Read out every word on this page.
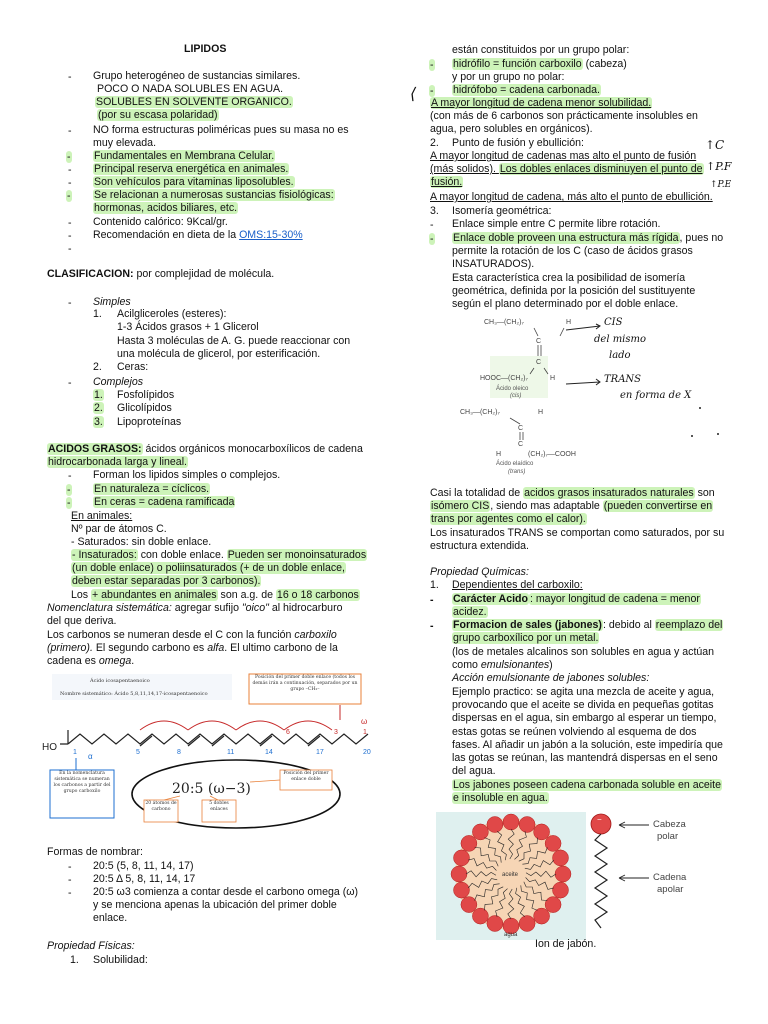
LIPIDOS
- Grupo heterogéneo de sustancias similares.
POCO O NADA SOLUBLES EN AGUA.
SOLUBLES EN SOLVENTE ORGANICO.
(por su escasa polaridad)
- NO forma estructuras poliméricas pues su masa no es
muy elevada.
- Fundamentales en Membrana Celular.
- Principal reserva energética en animales.
- Son vehículos para vitaminas liposolubles.
- Se relacionan a numerosas sustancias fisiológicas:
hormonas, acidos biliares, etc.
- Contenido calórico: 9Kcal/gr.
- Recomendación en dieta de la OMS:15-30%
-
CLASIFICACION: por complejidad de molécula.
- Simples
1. Acilgliceroles (esteres):
1-3 Ácidos grasos + 1 Glicerol
Hasta 3 moléculas de A. G. puede reaccionar con
una molécula de glicerol, por esterificación.
2. Ceras:
- Complejos
1. Fosfolípidos
2. Glicolípidos
3. Lipoproteínas
ACIDOS GRASOS: ácidos orgánicos monocarboxílicos de cadena
hidrocarbonada larga y lineal.
- Forman los lipidos simples o complejos.
- En naturaleza = cíclicos.
- En ceras = cadena ramificada
En animales:
Nº par de átomos C.
- Saturados: sin doble enlace.
- Insaturados: con doble enlace. Pueden ser monoinsaturados
(un doble enlace) o poliinsaturados (+ de un doble enlace,
deben estar separadas por 3 carbonos).
Los + abundantes en animales son a.g. de 16 o 18 carbonos
Nomenclatura sistemática: agregar sufijo "oico" al hidrocarburo
del que deriva.
Los carbonos se numeran desde el C con la función carboxilo
(primero). El segundo carbono es alfa. El ultimo carbono de la
cadena es omega.
Ácido icosapentaenoico
Nombre sistemático: Ácido 5,8,11,14,17-icosapentaenoico
Posición del primer doble enlace (todos los demás irán a continuación, separados por un grupo –CH₂–
HO 1 α	5	8	11	14	17	20
6	3	1
ω
En la nomenclatura sistemática se numeran los carbonos a partir del grupo carboxilo	20:5 (ω−3)
Posición del primer enlace doble
20 átomos de carbono
5 dobles enlaces
Formas de nombrar:
- 20:5 (5, 8, 11, 14, 17)
- 20:5 Δ 5, 8, 11, 14, 17
- 20:5 ω3 comienza a contar desde el carbono omega (ω)
y se menciona apenas la ubicación del primer doble
enlace.
Propiedad Físicas:
1. Solubilidad:
están constituidos por un grupo polar:
- hidrófilo = función carboxilo (cabeza)
y por un grupo no polar:
- hidrófobo = cadena carbonada.
A mayor longitud de cadena menor solubilidad.
(con más de 6 carbonos son prácticamente insolubles en
agua, pero solubles en orgánicos).
2. Punto de fusión y ebullición:
A mayor longitud de cadenas mas alto el punto de fusión
(más solidos). Los dobles enlaces disminuyen el punto de
fusión.
A mayor longitud de cadena, más alto el punto de ebullición.
3. Isomería geométrica:
- Enlace simple entre C permite libre rotación.
- Enlace doble proveen una estructura más rígida, pues no
permite la rotación de los C (caso de ácidos grasos
INSATURADOS).
Esta característica crea la posibilidad de isomería
geométrica, definida por la posición del sustituyente
según el plano determinado por el doble enlace.
↑C
↑P.F
↑P.E
⟨
CH₃—(CH₂)₇	H
C
C
HOOC—(CH₂)₇	H
Ácido oleico
(cis)
CH₃—(CH₂)₇	H
C
C
H	(CH₂)₇—COOH
Ácido elaídico
(trans)
CIS
del mismo
lado
TRANS
en forma de X
Casi la totalidad de acidos grasos insaturados naturales son
isómero CIS, siendo mas adaptable (pueden convertirse en
trans por agentes como el calor).
Los insaturados TRANS se comportan como saturados, por su
estructura extendida.
Propiedad Químicas:
1. Dependientes del carboxilo:
- Carácter Acido : mayor longitud de cadena = menor
acidez.
- Formacion de sales (jabones): debido al reemplazo del
grupo carboxílico por un metal.
(los de metales alcalinos son solubles en agua y actúan
como emulsionantes)
Acción emulsionante de jabones solubles:
Ejemplo practico: se agita una mezcla de aceite y agua,
provocando que el aceite se divida en pequeñas gotitas
dispersas en el agua, sin embargo al esperar un tiempo,
estas gotas se reúnen volviendo al esquema de dos
fases. Al añadir un jabón a la solución, este impediría que
las gotas se reúnan, las mantendrá dispersas en el seno
del agua.
Los jabones poseen cadena carbonada soluble en aceite
e insoluble en agua.
aceite
agua
−	Cabeza
polar
Cadena
apolar
Ion de jabón.
